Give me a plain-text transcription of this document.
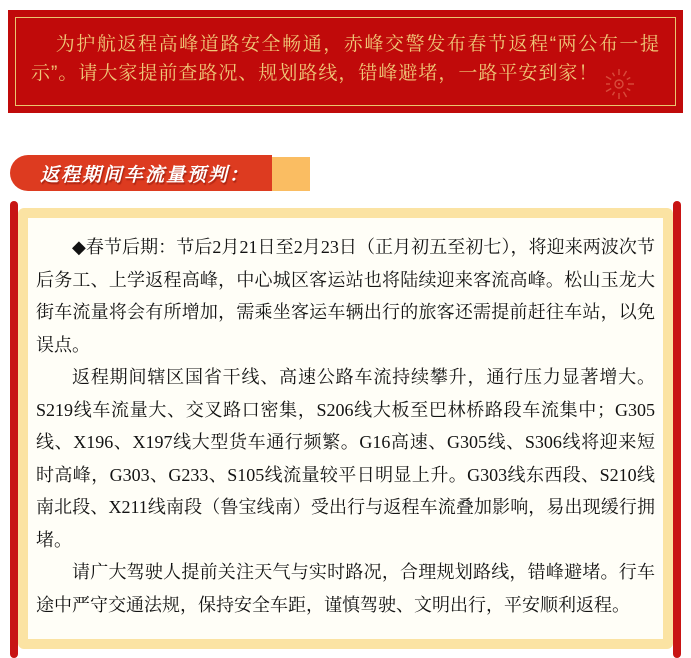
为护航返程高峰道路安全畅通，赤峰交警发布春节返程“两公布一提示”。请大家提前查路况、规划路线，错峰避堵，一路平安到家！

返程期间车流量预判：

◆春节后期：节后2月21日至2月23日（正月初五至初七），将迎来两波次节后务工、上学返程高峰，中心城区客运站也将陆续迎来客流高峰。松山玉龙大街车流量将会有所增加，需乘坐客运车辆出行的旅客还需提前赶往车站，以免误点。

返程期间辖区国省干线、高速公路车流持续攀升，通行压力显著增大。S219线车流量大、交叉路口密集，S206线大板至巴林桥路段车流集中；G305线、X196、X197线大型货车通行频繁。G16高速、G305线、S306线将迎来短时高峰，G303、G233、S105线流量较平日明显上升。G303线东西段、S210线南北段、X211线南段（鲁宝线南）受出行与返程车流叠加影响，易出现缓行拥堵。

请广大驾驶人提前关注天气与实时路况，合理规划路线，错峰避堵。行车途中严守交通法规，保持安全车距，谨慎驾驶、文明出行，平安顺利返程。
